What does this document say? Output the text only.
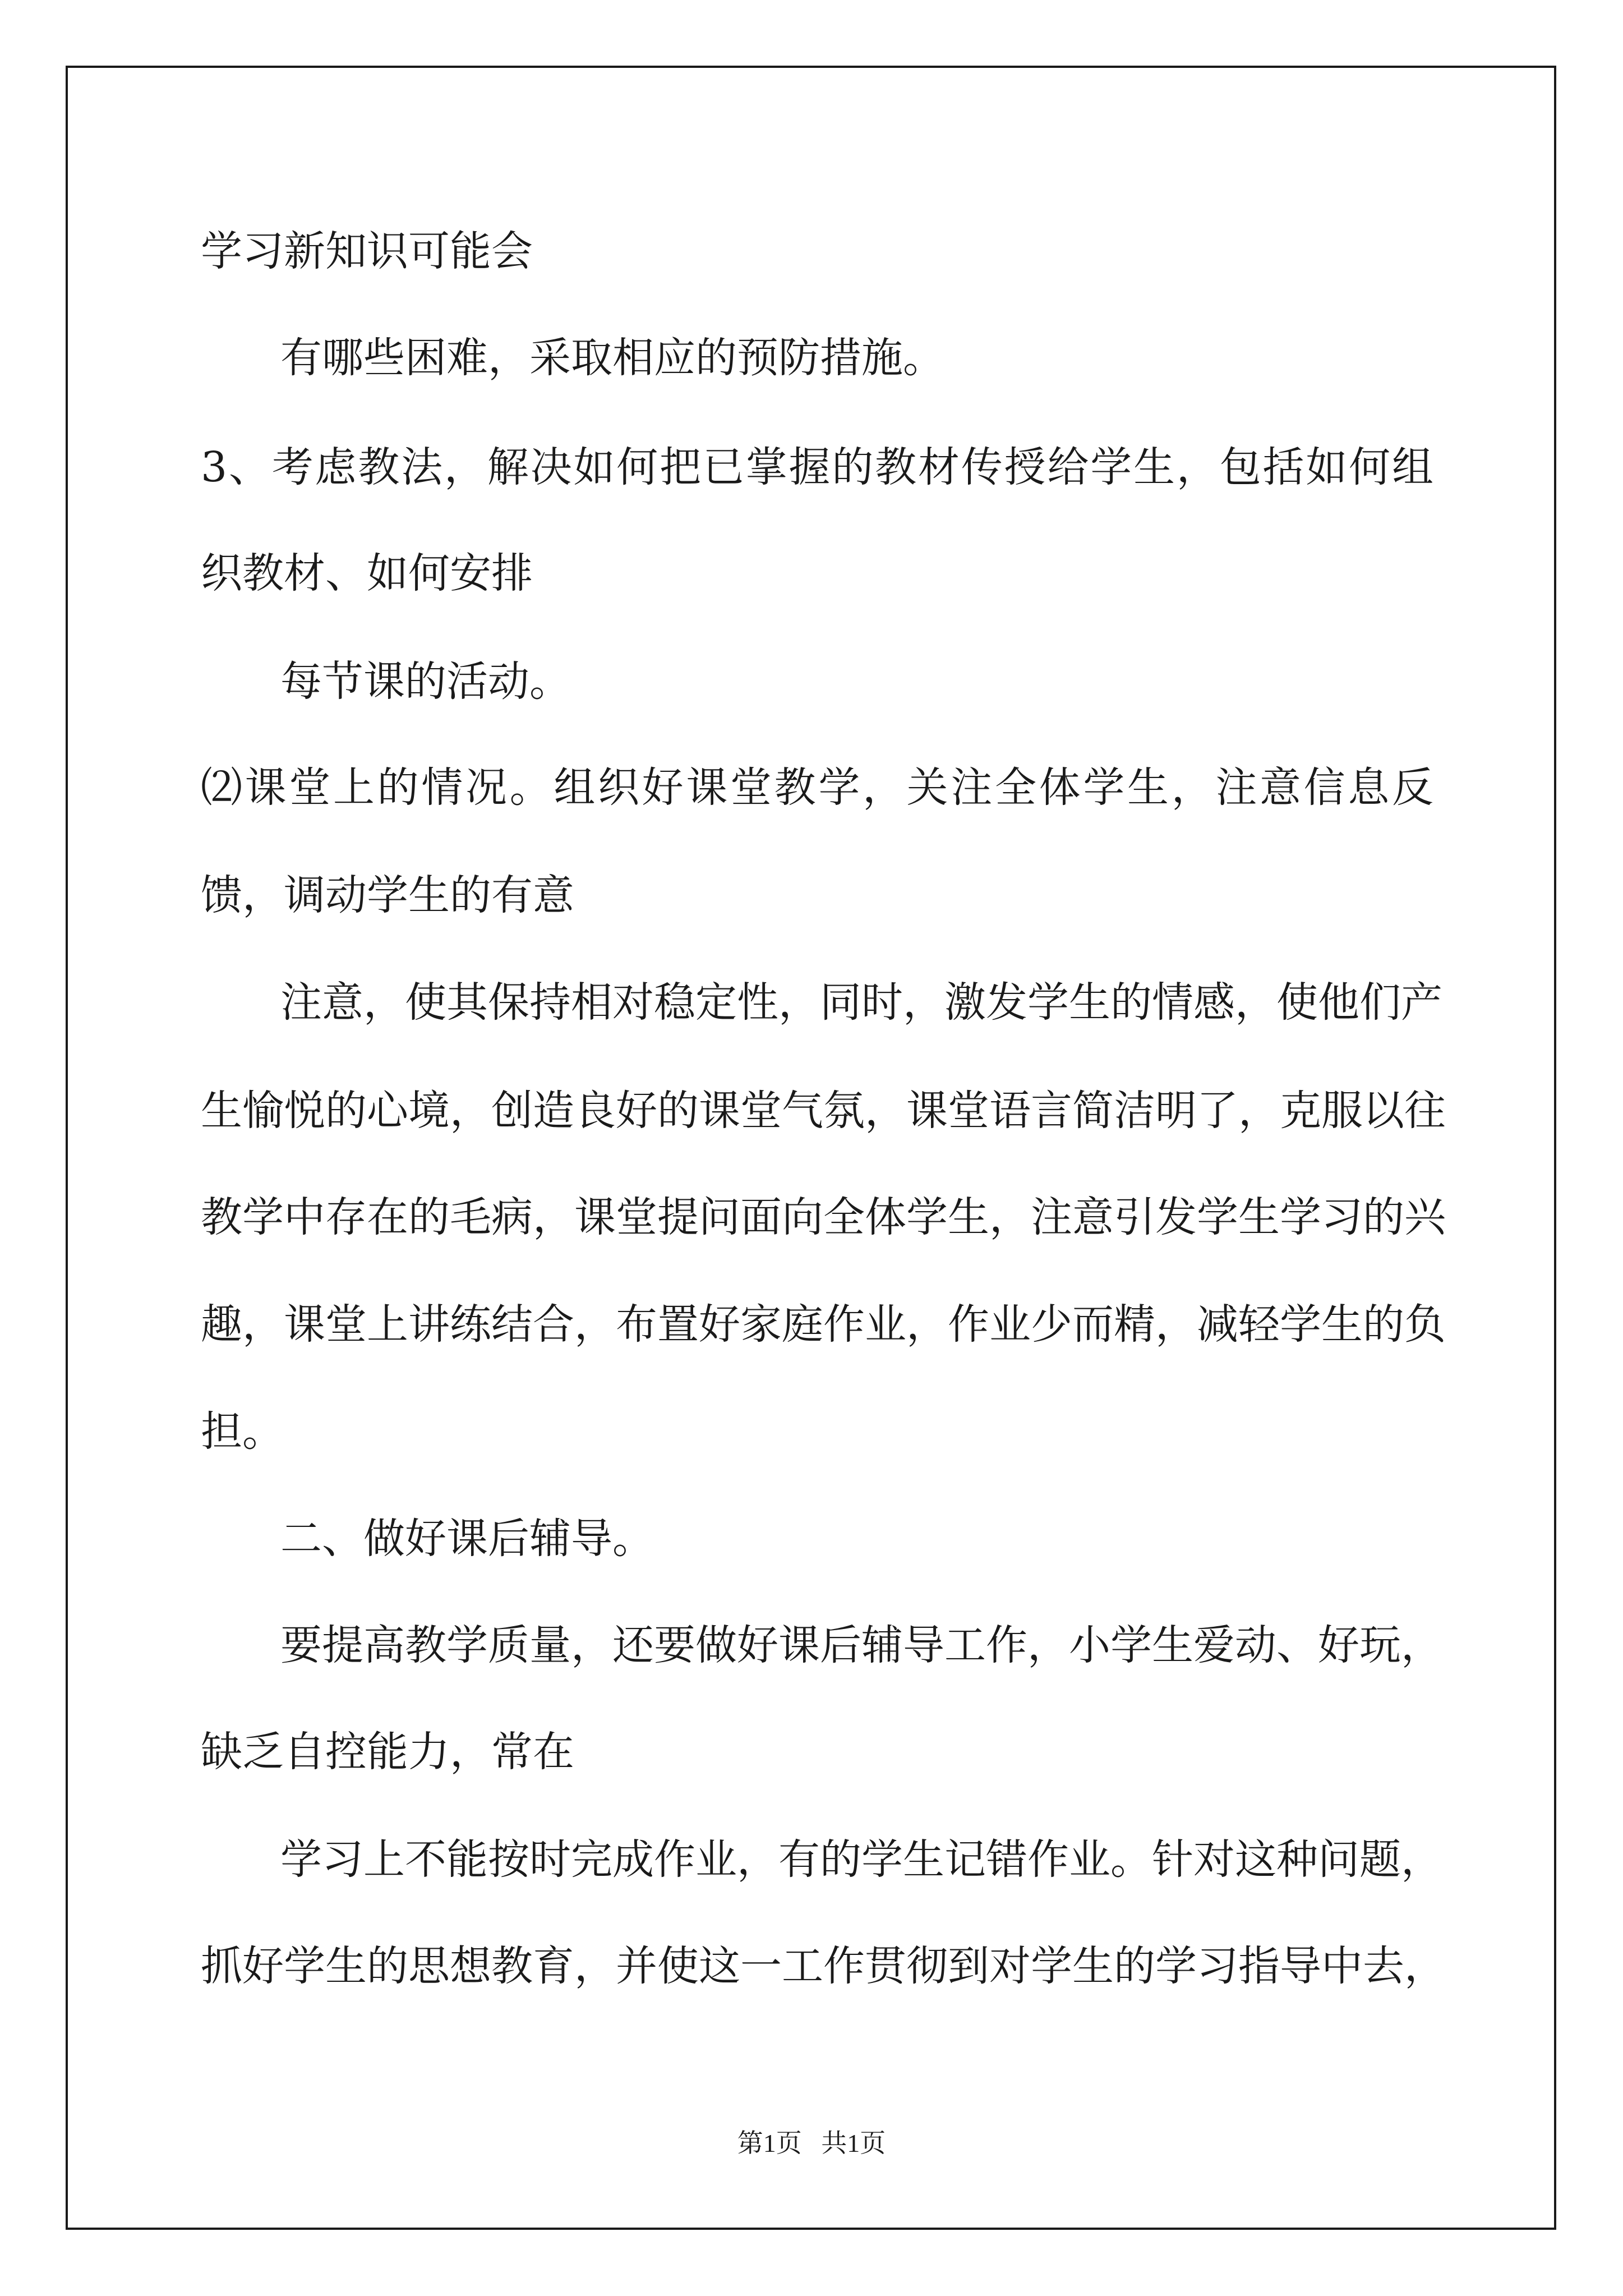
学习新知识可能会

有哪些困难，采取相应的预防措施。

3、考虑教法，解决如何把已掌握的教材传授给学生，包括如何组

织教材、如何安排

每节课的活动。

⑵课堂上的情况。组织好课堂教学，关注全体学生，注意信息反

馈，调动学生的有意

注意，使其保持相对稳定性，同时，激发学生的情感，使他们产

生愉悦的心境，创造良好的课堂气氛，课堂语言简洁明了，克服以往

教学中存在的毛病，课堂提问面向全体学生，注意引发学生学习的兴

趣，课堂上讲练结合，布置好家庭作业，作业少而精，减轻学生的负

担。

二、做好课后辅导。

要提高教学质量，还要做好课后辅导工作，小学生爱动、好玩，

缺乏自控能力，常在

学习上不能按时完成作业，有的学生记错作业。针对这种问题，

抓好学生的思想教育，并使这一工作贯彻到对学生的学习指导中去，

第1页   共1页
